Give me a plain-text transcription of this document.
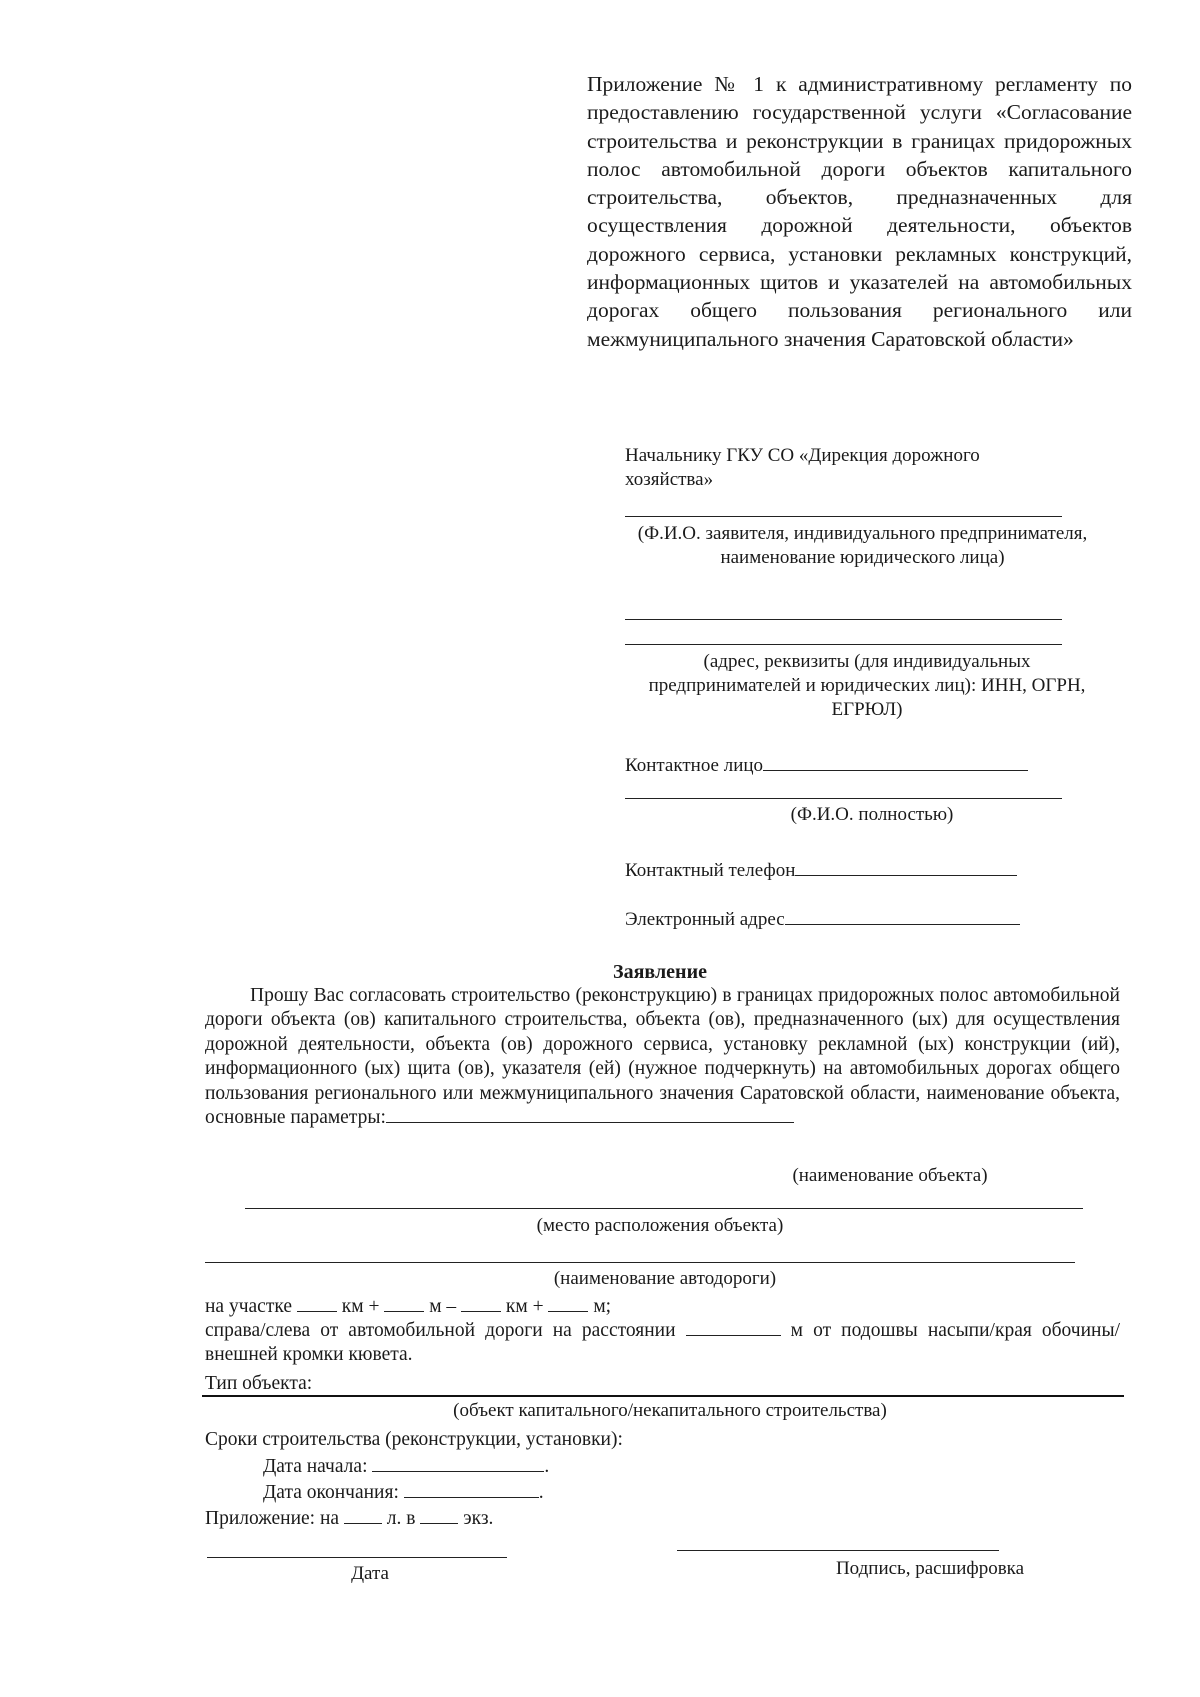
Приложение № 1 к административному регламенту по предоставлению государственной услуги «Согласование строительства и реконструкции в границах придорожных полос автомобильной дороги объектов капитального строительства, объектов, предназначенных для осуществления дорожной деятельности, объектов дорожного сервиса, установки рекламных конструкций, информационных щитов и указателей на автомобильных дорогах общего пользования регионального или межмуниципального значения Саратовской области»
Начальнику ГКУ СО «Дирекция дорожного хозяйства»
(Ф.И.О. заявителя, индивидуального предпринимателя, наименование юридического лица)
(адрес, реквизиты (для индивидуальных предпринимателей и юридических лиц): ИНН, ОГРН, ЕГРЮЛ)
Контактное лицо
(Ф.И.О. полностью)
Контактный телефон
Электронный адрес
Заявление
Прошу Вас согласовать строительство (реконструкцию) в границах придорожных полос автомобильной дороги объекта (ов) капитального строительства, объекта (ов), предназначенного (ых) для осуществления дорожной деятельности, объекта (ов) дорожного сервиса, установку рекламной (ых) конструкции (ий), информационного (ых) щита (ов), указателя (ей) (нужное подчеркнуть) на автомобильных дорогах общего пользования регионального или межмуниципального значения Саратовской области, наименование объекта, основные параметры:
(наименование объекта)
(место расположения объекта)
(наименование автодороги)
на участке	км +	м –	км +	м;
справа/слева от автомобильной дороги на расстоянии	м от подошвы насыпи/края обочины/внешней кромки кювета.
Тип объекта:
(объект капитального/некапитального строительства)
Сроки строительства (реконструкции, установки):
Дата начала:	.
Дата окончания:	.
Приложение: на л. в экз.
Дата	Подпись, расшифровка
